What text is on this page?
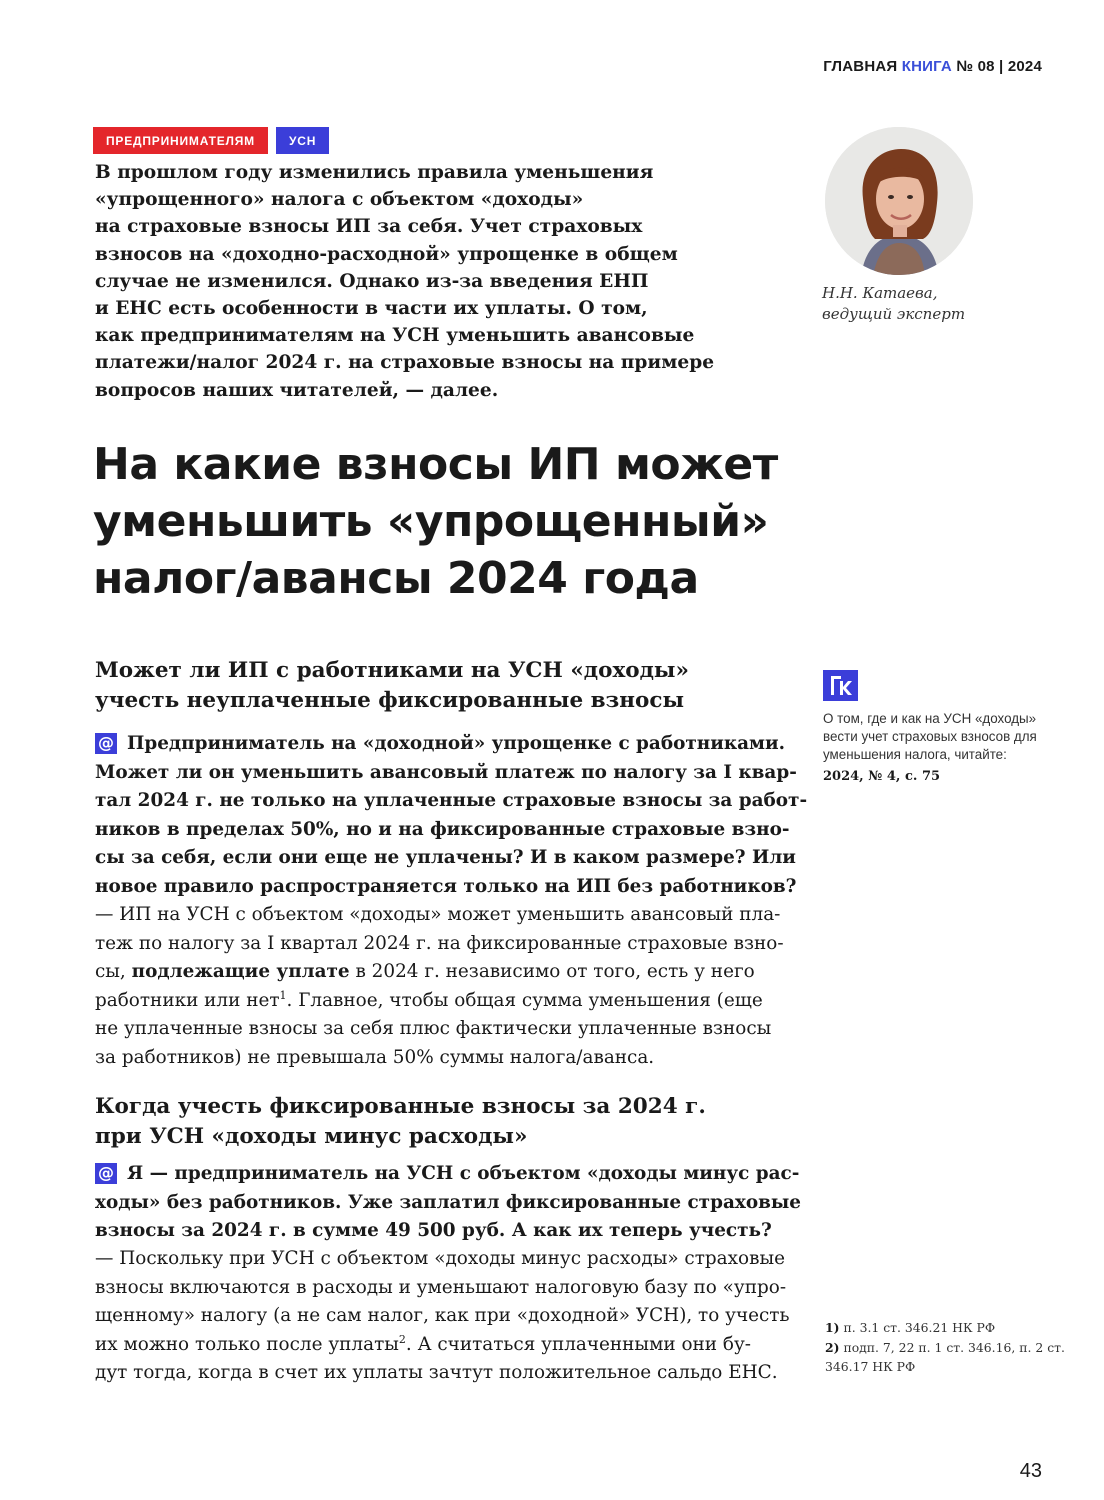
ГЛАВНАЯ КНИГА № 08 | 2024
ПРЕДПРИНИМАТЕЛЯМ	УСН
В прошлом году изменились правила уменьшения
«упрощенного» налога с объектом «доходы»
на страховые взносы ИП за себя. Учет страховых
взносов на «доходно-расходной» упрощенке в общем
случае не изменился. Однако из-за введения ЕНП
и ЕНС есть особенности в части их уплаты. О том,
как предпринимателям на УСН уменьшить авансовые
платежи/налог 2024 г. на страховые взносы на примере
вопросов наших читателей, — далее.
Н.Н. Катаева,
ведущий эксперт
На какие взносы ИП может
уменьшить «упрощенный»
налог/авансы 2024 года
Может ли ИП с работниками на УСН «доходы»
учесть неуплаченные фиксированные взносы
@ Предприниматель на «доходной» упрощенке с работниками.
Может ли он уменьшить авансовый платеж по налогу за I квар-
тал 2024 г. не только на уплаченные страховые взносы за работ-
ников в пределах 50%, но и на фиксированные страховые взно-
сы за себя, если они еще не уплачены? И в каком размере? Или
новое правило распространяется только на ИП без работников?
— ИП на УСН с объектом «доходы» может уменьшить авансовый пла-
теж по налогу за I квартал 2024 г. на фиксированные страховые взно-
сы, подлежащие уплате в 2024 г. независимо от того, есть у него
работники или нет$^1$. Главное, чтобы общая сумма уменьшения (еще
не уплаченные взносы за себя плюс фактически уплаченные взносы
за работников) не превышала 50% суммы налога/аванса.
Когда учесть фиксированные взносы за 2024 г.
при УСН «доходы минус расходы»
@ Я — предприниматель на УСН с объектом «доходы минус рас-
ходы» без работников. Уже заплатил фиксированные страховые
взносы за 2024 г. в сумме 49 500 руб. А как их теперь учесть?
— Поскольку при УСН с объектом «доходы минус расходы» страховые
взносы включаются в расходы и уменьшают налоговую базу по «упро-
щенному» налогу (а не сам налог, как при «доходной» УСН), то учесть
их можно только после уплаты$^2$. А считаться уплаченными они бу-
дут тогда, когда в счет их уплаты зачтут положительное сальдо ЕНС.
О том, где и как на УСН «доходы» вести учет страховых взносов для уменьшения налога, читайте:
2024, № 4, с. 75
1) п. 3.1 ст. 346.21 НК РФ
2) подп. 7, 22 п. 1 ст. 346.16, п. 2 ст. 346.17 НК РФ
43
